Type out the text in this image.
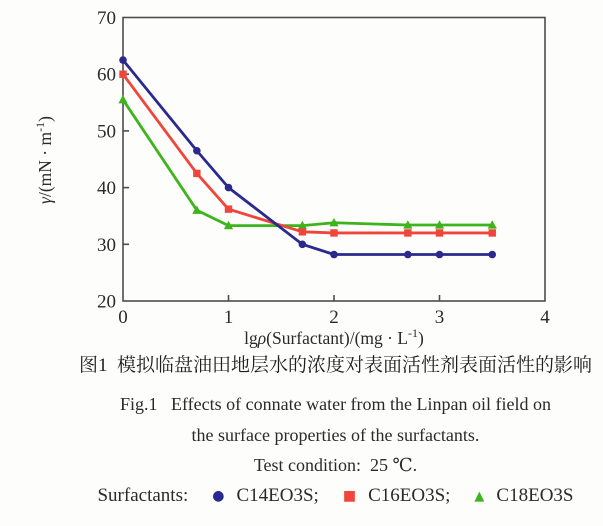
20
30
40
50
60
70
0	1	2	3	4
$\gamma/(mN \cdot m^{-1})$
lgρ(Surfactant)/(mg · $L^{-1}$)
图1  模拟临盘油田地层水的浓度对表面活性剂表面活性的影响
Fig.1   Effects of connate water from the Linpan oil field on
the surface properties of the surfactants.
Test condition:  25 ℃.
Surfactants: ● C14EO3S; ■ C16EO3S; ▲ C18EO3S
